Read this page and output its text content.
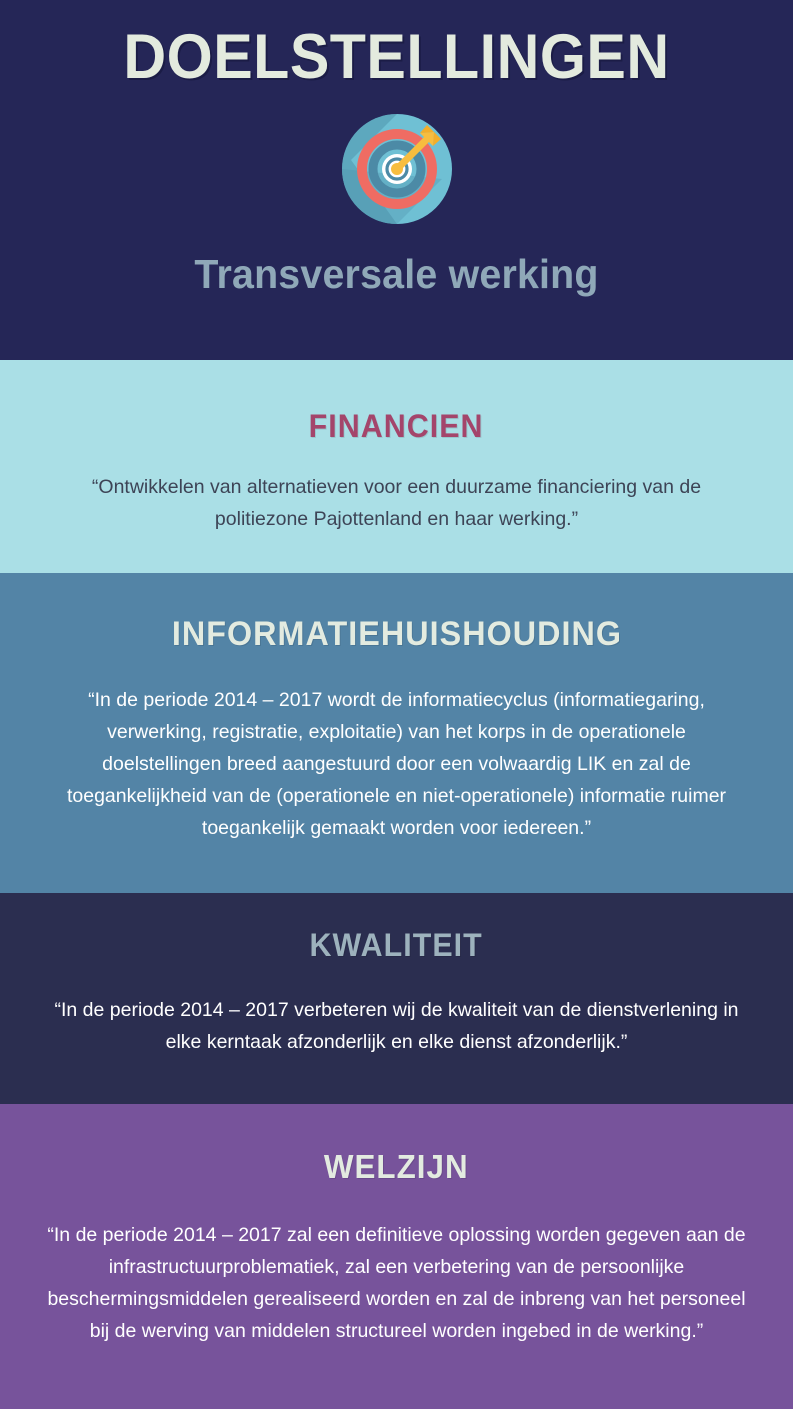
DOELSTELLINGEN
Transversale werking
FINANCIEN
“Ontwikkelen van alternatieven voor een duurzame financiering van de politiezone Pajottenland en haar werking.”
INFORMATIEHUISHOUDING
“In de periode 2014 – 2017 wordt de informatiecyclus (informatiegaring, verwerking, registratie, exploitatie) van het korps in de operationele doelstellingen breed aangestuurd door een volwaardig LIK en zal de toegankelijkheid van de (operationele en niet-operationele) informatie ruimer toegankelijk gemaakt worden voor iedereen.”
KWALITEIT
“In de periode 2014 – 2017 verbeteren wij de kwaliteit van de dienstverlening in elke kerntaak afzonderlijk en elke dienst afzonderlijk.”
WELZIJN
“In de periode 2014 – 2017 zal een definitieve oplossing worden gegeven aan de infrastructuurproblematiek, zal een verbetering van de persoonlijke beschermingsmiddelen gerealiseerd worden en zal de inbreng van het personeel bij de werving van middelen structureel worden ingebed in de werking.”
